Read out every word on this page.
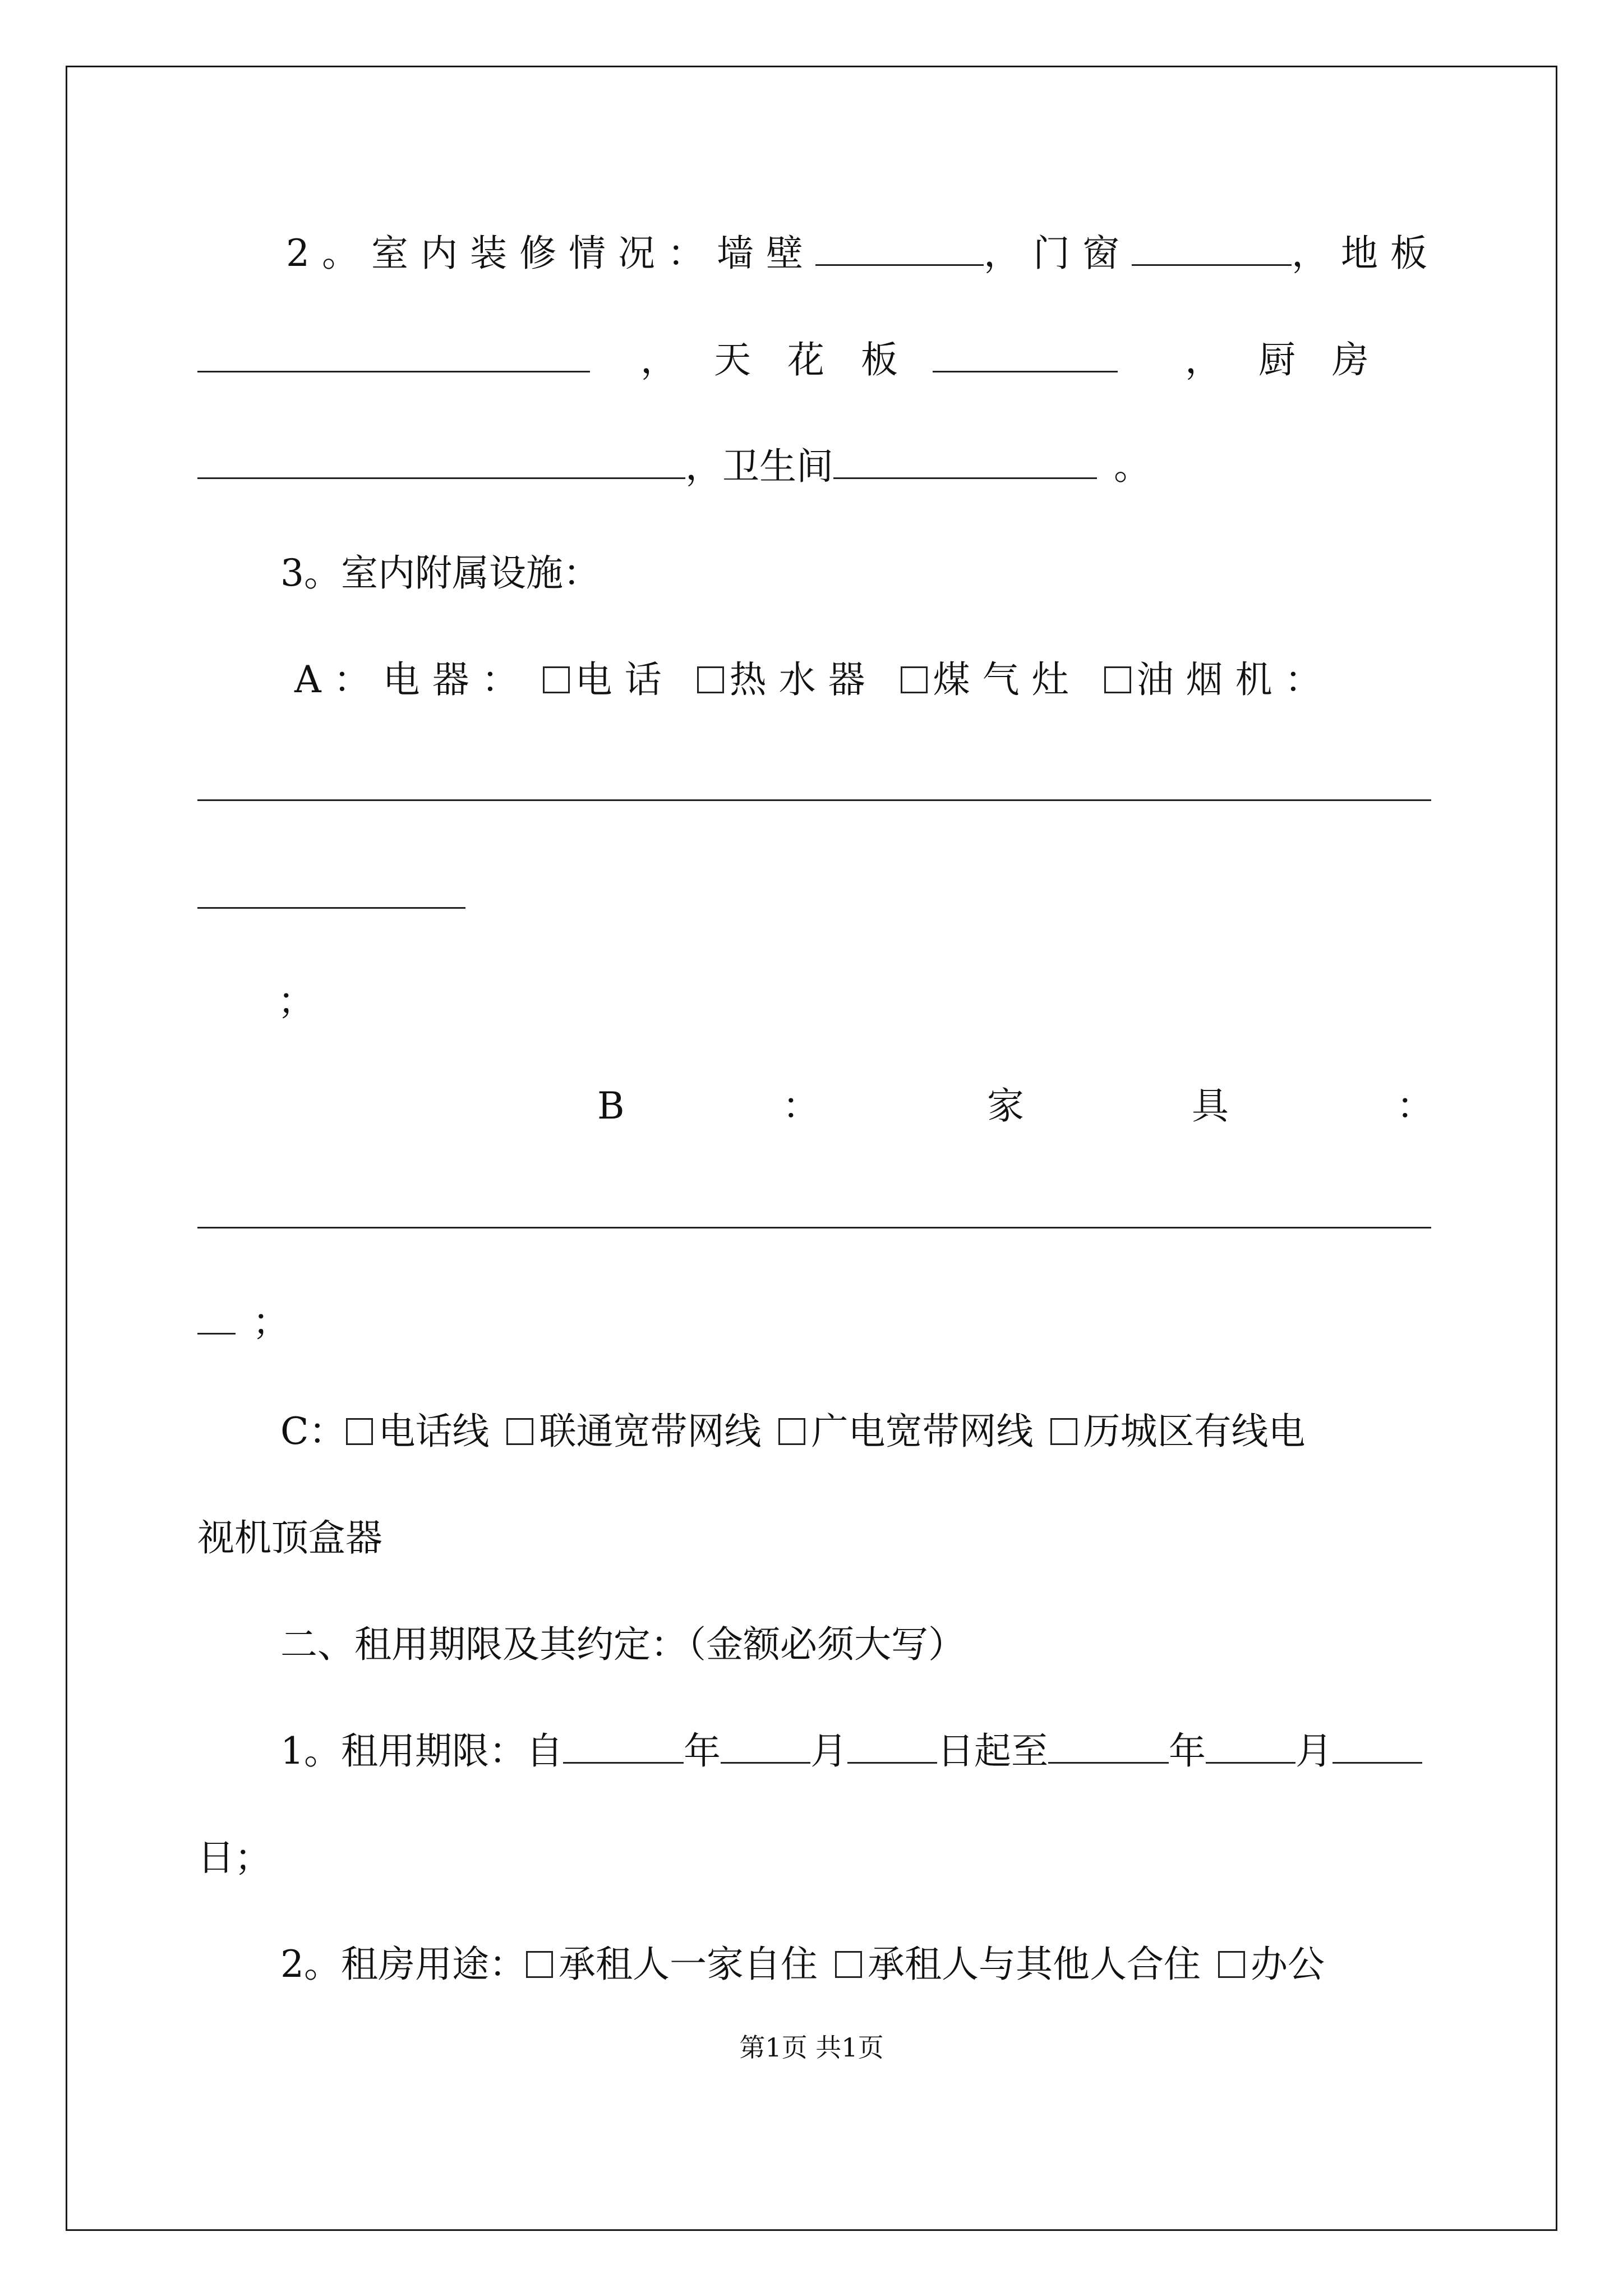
2。室内装修情况：墙壁	，门窗	，地板
， 天 花 板	， 厨 房
，卫生间	。
3。室内附属设施：
A：电器： 电话 热水器 煤气灶 油烟机：
；
B	：	家	具	：
；
C： 电话线 联通宽带网线 广电宽带网线 历城区有线电
视机顶盒器
二、租用期限及其约定：（金额必须大写）
1。租用期限：自	年 月 日起至	年 月
日；
2。租房用途： 承租人一家自住 承租人与其他人合住 办公
第1页 共1页
